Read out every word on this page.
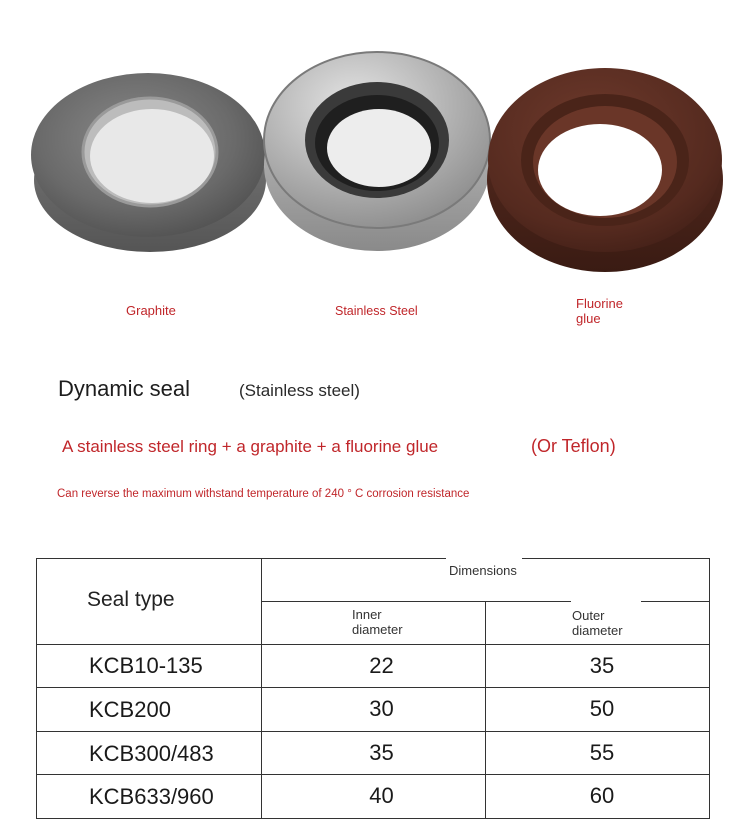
Graphite	Stainless Steel	Fluorine glue
Dynamic seal	(Stainless steel)
A stainless steel ring + a graphite + a fluorine glue	(Or Teflon)
Can reverse the maximum withstand temperature of 240 ° C corrosion resistance
Seal type
Dimensions
Inner diameter
Outer diameter
KCB10-135	22	35
KCB200	30	50
KCB300/483	35	55
KCB633/960	40	60
